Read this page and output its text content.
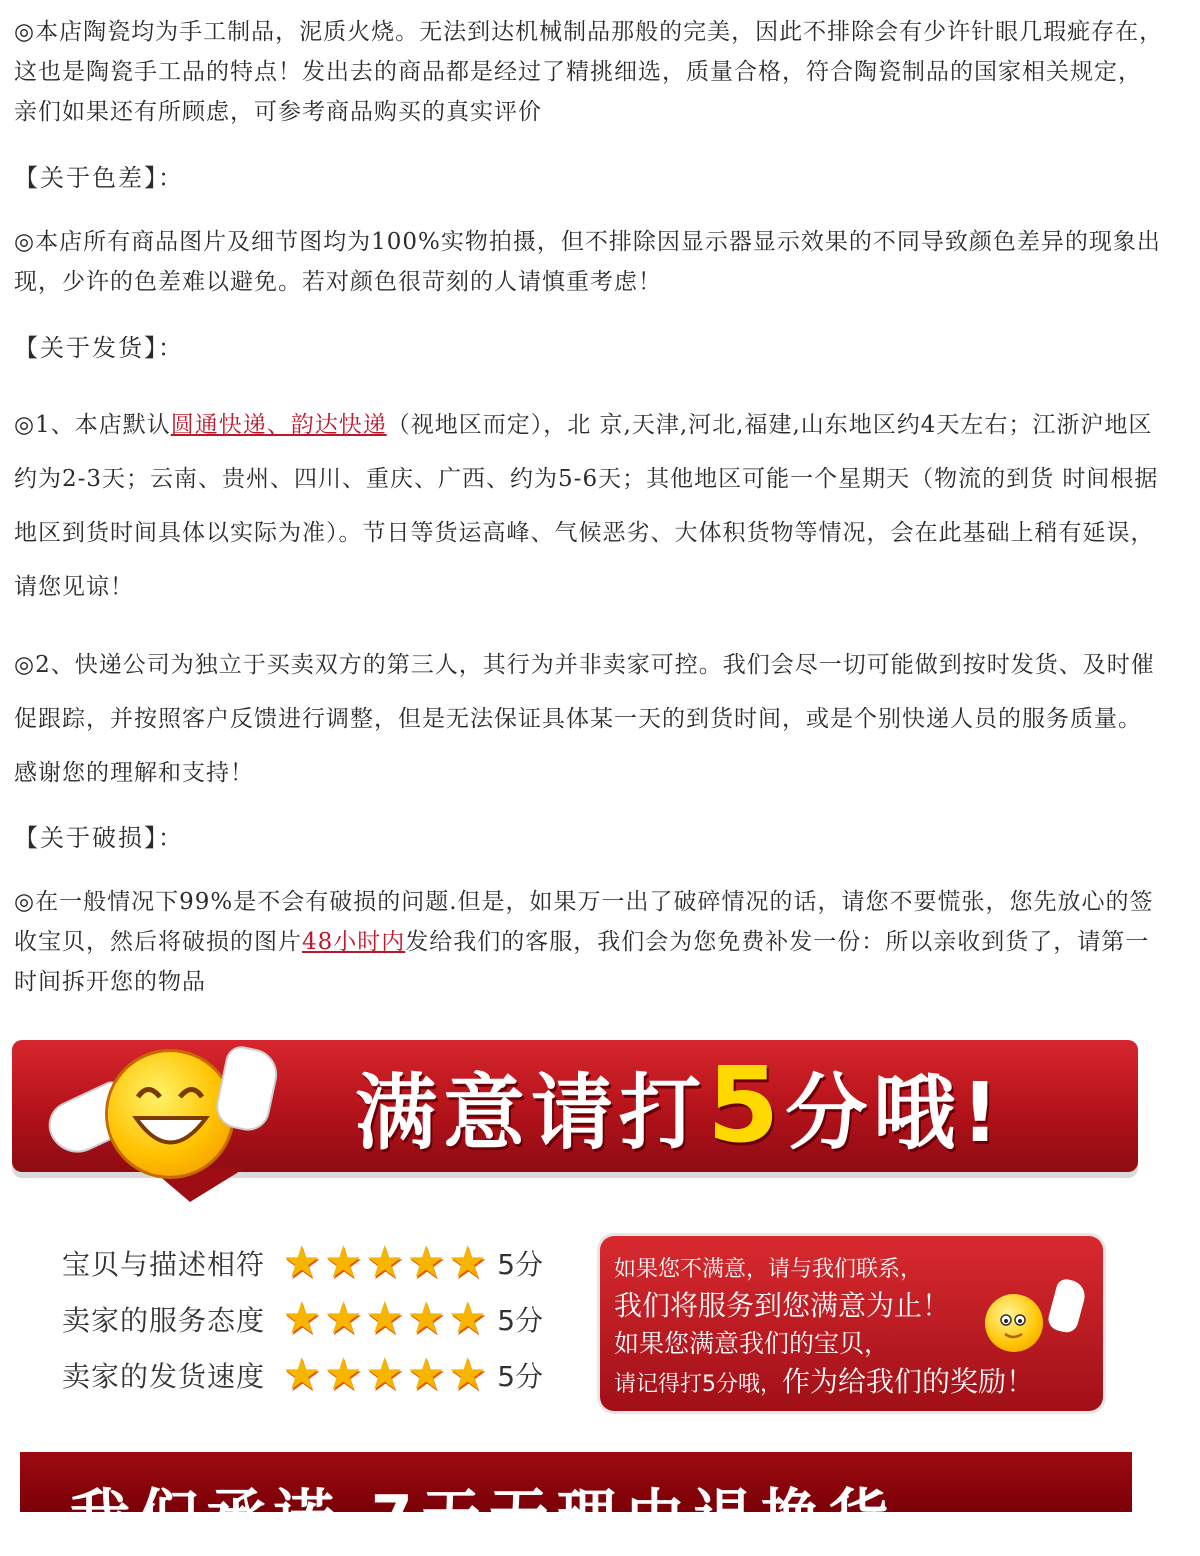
◎本店陶瓷均为手工制品，泥质火烧。无法到达机械制品那般的完美，因此不排除会有少许针眼几瑕疵存在，这也是陶瓷手工品的特点！发出去的商品都是经过了精挑细选，质量合格，符合陶瓷制品的国家相关规定，亲们如果还有所顾虑，可参考商品购买的真实评价

【关于色差】：

◎本店所有商品图片及细节图均为100%实物拍摄，但不排除因显示器显示效果的不同导致颜色差异的现象出现，少许的色差难以避免。若对颜色很苛刻的人请慎重考虑！

【关于发货】：

◎1、本店默认圆通快递、韵达快递（视地区而定），北 京,天津,河北,福建,山东地区约4天左右；江浙沪地区约为2-3天；云南、贵州、四川、重庆、广西、约为5-6天；其他地区可能一个星期天（物流的到货 时间根据地区到货时间具体以实际为准）。节日等货运高峰、气候恶劣、大体积货物等情况，会在此基础上稍有延误，请您见谅！

◎2、快递公司为独立于买卖双方的第三人，其行为并非卖家可控。我们会尽一切可能做到按时发货、及时催促跟踪，并按照客户反馈进行调整，但是无法保证具体某一天的到货时间，或是个别快递人员的服务质量。感谢您的理解和支持！

【关于破损】：

◎在一般情况下99%是不会有破损的问题.但是，如果万一出了破碎情况的话，请您不要慌张，您先放心的签收宝贝，然后将破损的图片48小时内发给我们的客服，我们会为您免费补发一份：所以亲收到货了，请第一时间拆开您的物品

满意请打5分哦!
宝贝与描述相符 ★ ★ ★ ★ ★ 5分
卖家的服务态度 ★ ★ ★ ★ ★ 5分
卖家的发货速度 ★ ★ ★ ★ ★ 5分
如果您不满意，请与我们联系，
我们将服务到您满意为止！
如果您满意我们的宝贝，
请记得打5分哦，作为给我们的奖励！
我们承诺 7天无理由退换货
